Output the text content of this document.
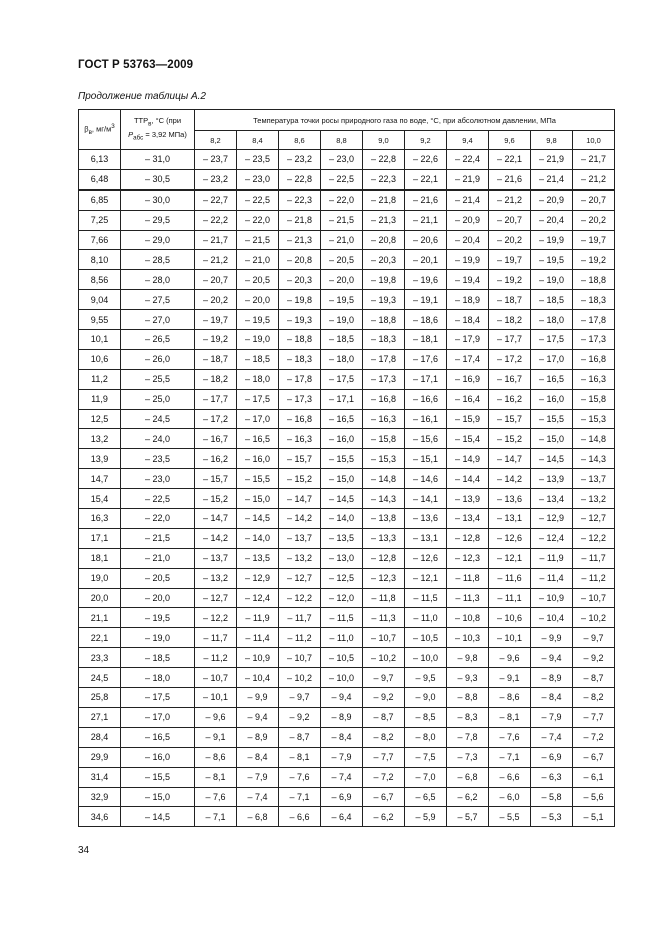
ГОСТ Р 53763—2009
Продолжение таблицы А.2
$\beta_в$, $мг/м^3$	$ТТР_в$, °С (при
$P_{абс} = 3,92$ МПа)	Температура точки росы природного газа по воде, °С, при абсолютном давлении, МПа									
		8,2	8,4	8,6	8,8	9,0	9,2	9,4	9,6	9,8	10,0
6,13	– 31,0	– 23,7	– 23,5	– 23,2	– 23,0	– 22,8	– 22,6	– 22,4	– 22,1	– 21,9	– 21,7
6,48	– 30,5	– 23,2	– 23,0	– 22,8	– 22,5	– 22,3	– 22,1	– 21,9	– 21,6	– 21,4	– 21,2
6,85	– 30,0	– 22,7	– 22,5	– 22,3	– 22,0	– 21,8	– 21,6	– 21,4	– 21,2	– 20,9	– 20,7
7,25	– 29,5	– 22,2	– 22,0	– 21,8	– 21,5	– 21,3	– 21,1	– 20,9	– 20,7	– 20,4	– 20,2
7,66	– 29,0	– 21,7	– 21,5	– 21,3	– 21,0	– 20,8	– 20,6	– 20,4	– 20,2	– 19,9	– 19,7
8,10	– 28,5	– 21,2	– 21,0	– 20,8	– 20,5	– 20,3	– 20,1	– 19,9	– 19,7	– 19,5	– 19,2
8,56	– 28,0	– 20,7	– 20,5	– 20,3	– 20,0	– 19,8	– 19,6	– 19,4	– 19,2	– 19,0	– 18,8
9,04	– 27,5	– 20,2	– 20,0	– 19,8	– 19,5	– 19,3	– 19,1	– 18,9	– 18,7	– 18,5	– 18,3
9,55	– 27,0	– 19,7	– 19,5	– 19,3	– 19,0	– 18,8	– 18,6	– 18,4	– 18,2	– 18,0	– 17,8
10,1	– 26,5	– 19,2	– 19,0	– 18,8	– 18,5	– 18,3	– 18,1	– 17,9	– 17,7	– 17,5	– 17,3
10,6	– 26,0	– 18,7	– 18,5	– 18,3	– 18,0	– 17,8	– 17,6	– 17,4	– 17,2	– 17,0	– 16,8
11,2	– 25,5	– 18,2	– 18,0	– 17,8	– 17,5	– 17,3	– 17,1	– 16,9	– 16,7	– 16,5	– 16,3
11,9	– 25,0	– 17,7	– 17,5	– 17,3	– 17,1	– 16,8	– 16,6	– 16,4	– 16,2	– 16,0	– 15,8
12,5	– 24,5	– 17,2	– 17,0	– 16,8	– 16,5	– 16,3	– 16,1	– 15,9	– 15,7	– 15,5	– 15,3
13,2	– 24,0	– 16,7	– 16,5	– 16,3	– 16,0	– 15,8	– 15,6	– 15,4	– 15,2	– 15,0	– 14,8
13,9	– 23,5	– 16,2	– 16,0	– 15,7	– 15,5	– 15,3	– 15,1	– 14,9	– 14,7	– 14,5	– 14,3
14,7	– 23,0	– 15,7	– 15,5	– 15,2	– 15,0	– 14,8	– 14,6	– 14,4	– 14,2	– 13,9	– 13,7
15,4	– 22,5	– 15,2	– 15,0	– 14,7	– 14,5	– 14,3	– 14,1	– 13,9	– 13,6	– 13,4	– 13,2
16,3	– 22,0	– 14,7	– 14,5	– 14,2	– 14,0	– 13,8	– 13,6	– 13,4	– 13,1	– 12,9	– 12,7
17,1	– 21,5	– 14,2	– 14,0	– 13,7	– 13,5	– 13,3	– 13,1	– 12,8	– 12,6	– 12,4	– 12,2
18,1	– 21,0	– 13,7	– 13,5	– 13,2	– 13,0	– 12,8	– 12,6	– 12,3	– 12,1	– 11,9	– 11,7
19,0	– 20,5	– 13,2	– 12,9	– 12,7	– 12,5	– 12,3	– 12,1	– 11,8	– 11,6	– 11,4	– 11,2
20,0	– 20,0	– 12,7	– 12,4	– 12,2	– 12,0	– 11,8	– 11,5	– 11,3	– 11,1	– 10,9	– 10,7
21,1	– 19,5	– 12,2	– 11,9	– 11,7	– 11,5	– 11,3	– 11,0	– 10,8	– 10,6	– 10,4	– 10,2
22,1	– 19,0	– 11,7	– 11,4	– 11,2	– 11,0	– 10,7	– 10,5	– 10,3	– 10,1	– 9,9	– 9,7
23,3	– 18,5	– 11,2	– 10,9	– 10,7	– 10,5	– 10,2	– 10,0	– 9,8	– 9,6	– 9,4	– 9,2
24,5	– 18,0	– 10,7	– 10,4	– 10,2	– 10,0	– 9,7	– 9,5	– 9,3	– 9,1	– 8,9	– 8,7
25,8	– 17,5	– 10,1	– 9,9	– 9,7	– 9,4	– 9,2	– 9,0	– 8,8	– 8,6	– 8,4	– 8,2
27,1	– 17,0	– 9,6	– 9,4	– 9,2	– 8,9	– 8,7	– 8,5	– 8,3	– 8,1	– 7,9	– 7,7
28,4	– 16,5	– 9,1	– 8,9	– 8,7	– 8,4	– 8,2	– 8,0	– 7,8	– 7,6	– 7,4	– 7,2
29,9	– 16,0	– 8,6	– 8,4	– 8,1	– 7,9	– 7,7	– 7,5	– 7,3	– 7,1	– 6,9	– 6,7
31,4	– 15,5	– 8,1	– 7,9	– 7,6	– 7,4	– 7,2	– 7,0	– 6,8	– 6,6	– 6,3	– 6,1
32,9	– 15,0	– 7,6	– 7,4	– 7,1	– 6,9	– 6,7	– 6,5	– 6,2	– 6,0	– 5,8	– 5,6
34,6	– 14,5	– 7,1	– 6,8	– 6,6	– 6,4	– 6,2	– 5,9	– 5,7	– 5,5	– 5,3	– 5,1
34
